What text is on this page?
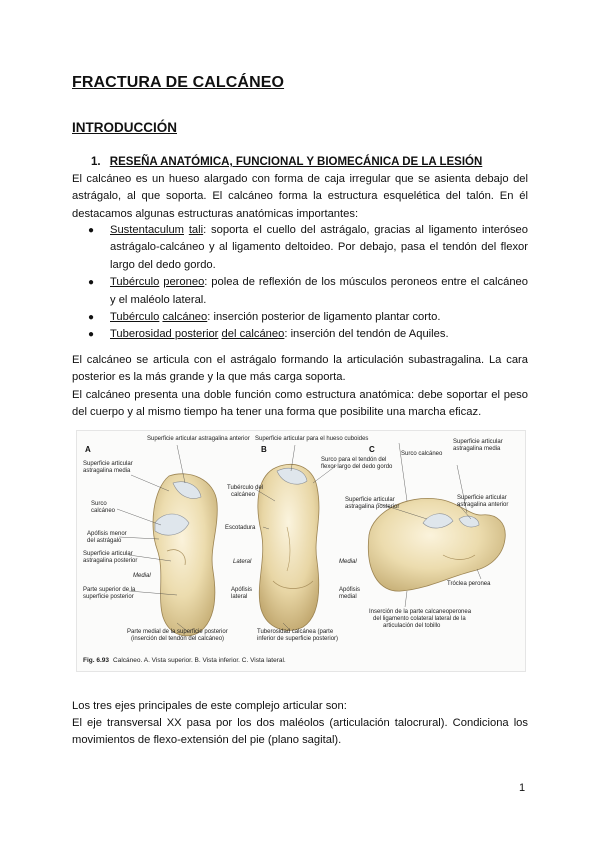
FRACTURA DE CALCÁNEO
INTRODUCCIÓN
1. RESEÑA ANATÓMICA, FUNCIONAL Y BIOMECÁNICA DE LA LESIÓN
El calcáneo es un hueso alargado con forma de caja irregular que se asienta debajo del astrágalo, al que soporta. El calcáneo forma la estructura esquelética del talón. En él destacamos algunas estructuras anatómicas importantes:
● Sustentaculum tali: soporta el cuello del astrágalo, gracias al ligamento interóseo astrágalo-calcáneo y al ligamento deltoideo. Por debajo, pasa el tendón del flexor largo del dedo gordo.
● Tubérculo peroneo: polea de reflexión de los músculos peroneos entre el calcáneo y el maléolo lateral.
● Tubérculo calcáneo: inserción posterior de ligamento plantar corto.
● Tuberosidad posterior del calcáneo: inserción del tendón de Aquiles.
El calcáneo se articula con el astrágalo formando la articulación subastragalina. La cara posterior es la más grande y la que más carga soporta.
El calcáneo presenta una doble función como estructura anatómica: debe soportar el peso del cuerpo y al mismo tiempo ha tener una forma que posibilite una marcha eficaz.
A	B	C
Superficie articular astragalina anterior
Superficie articular
astragalina media
Surco
calcáneo
Apófisis menor
del astrágalo
Superficie articular
astragalina posterior
Medial
Parte superior de la
superficie posterior
Parte medial de la superficie posterior
(inserción del tendón del calcáneo)
Superficie articular para el hueso cuboides
Surco para el tendón del
flexor largo del dedo gordo
Tubérculo del
calcáneo
Escotadura
Lateral
Apófisis
lateral
Medial
Apófisis
medial
Tuberosidad calcánea (parte
inferior de superficie posterior)
Surco calcáneo
Superficie articular
astragalina media
Superficie articular
astragalina posterior
Superficie articular
astragalina anterior
Tróclea peronea
Inserción de la parte calcaneoperonea
del ligamento colateral lateral de la
articulación del tobillo
Fig. 6.93 Calcáneo. A. Vista superior. B. Vista inferior. C. Vista lateral.
Los tres ejes principales de este complejo articular son:
El eje transversal XX pasa por los dos maléolos (articulación talocrural). Condiciona los movimientos de flexo-extensión del pie (plano sagital).
1
